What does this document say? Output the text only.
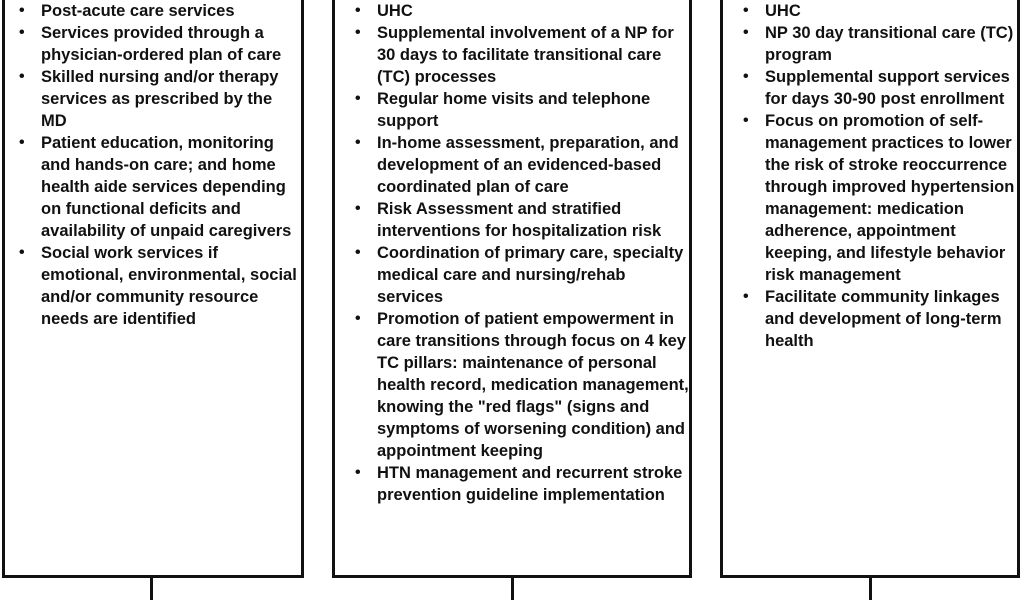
• Post-acute care services
• Services provided through a physician-ordered plan of care
• Skilled nursing and/or therapy services as prescribed by the MD
• Patient education, monitoring and hands-on care; and home health aide services depending on functional deficits and availability of unpaid caregivers
• Social work services if emotional, environmental, social and/or community resource needs are identified
• UHC
• Supplemental involvement of a NP for 30 days to facilitate transitional care (TC) processes
• Regular home visits and telephone support
• In-home assessment, preparation, and development of an evidenced-based coordinated plan of care
• Risk Assessment and stratified interventions for hospitalization risk
• Coordination of primary care, specialty medical care and nursing/rehab services
• Promotion of patient empowerment in care transitions through focus on 4 key TC pillars: maintenance of personal health record, medication management, knowing the "red flags" (signs and symptoms of worsening condition) and appointment keeping
• HTN management and recurrent stroke prevention guideline implementation
• UHC
• NP 30 day transitional care (TC) program
• Supplemental support services for days 30-90 post enrollment
• Focus on promotion of self-management practices to lower the risk of stroke reoccurrence through improved hypertension management: medication adherence, appointment keeping, and lifestyle behavior risk management
• Facilitate community linkages and development of long-term health
